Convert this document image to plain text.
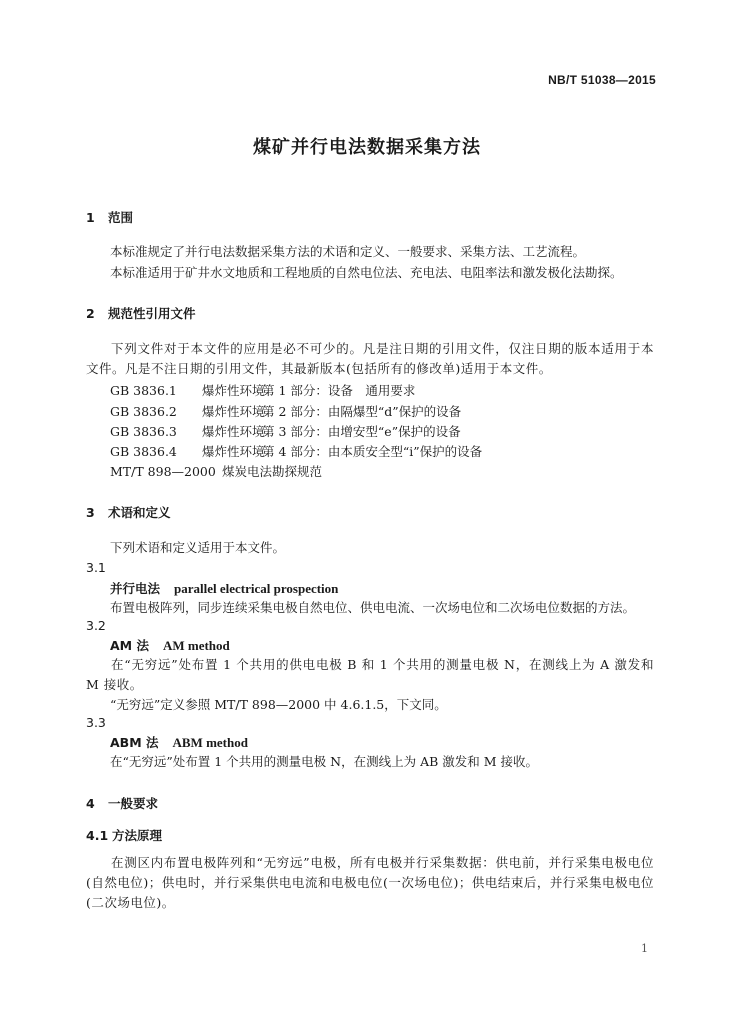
NB/T 51038—2015
煤矿并行电法数据采集方法
1 范围
本标准规定了并行电法数据采集方法的术语和定义、一般要求、采集方法、工艺流程。
本标准适用于矿井水文地质和工程地质的自然电位法、充电法、电阻率法和激发极化法勘探。
2 规范性引用文件
下列文件对于本文件的应用是必不可少的。凡是注日期的引用文件，仅注日期的版本适用于本文件。凡是不注日期的引用文件，其最新版本(包括所有的修改单)适用于本文件。
GB 3836.1 爆炸性环境第 1 部分：设备　通用要求
GB 3836.2 爆炸性环境第 2 部分：由隔爆型“d”保护的设备
GB 3836.3 爆炸性环境第 3 部分：由增安型“e”保护的设备
GB 3836.4 爆炸性环境第 4 部分：由本质安全型“i”保护的设备
MT/T 898—2000 煤炭电法勘探规范
3 术语和定义
下列术语和定义适用于本文件。
3.1
并行电法 parallel electrical prospection
布置电极阵列，同步连续采集电极自然电位、供电电流、一次场电位和二次场电位数据的方法。
3.2
AM 法 AM method
在“无穷远”处布置 1 个共用的供电电极 B 和 1 个共用的测量电极 N，在测线上为 A 激发和 M 接收。
“无穷远”定义参照 MT/T 898—2000 中 4.6.1.5，下文同。
3.3
ABM 法 ABM method
在“无穷远”处布置 1 个共用的测量电极 N，在测线上为 AB 激发和 M 接收。
4 一般要求
4.1 方法原理
在测区内布置电极阵列和“无穷远”电极，所有电极并行采集数据：供电前，并行采集电极电位(自然电位)；供电时，并行采集供电电流和电极电位(一次场电位)；供电结束后，并行采集电极电位(二次场电位)。
1
